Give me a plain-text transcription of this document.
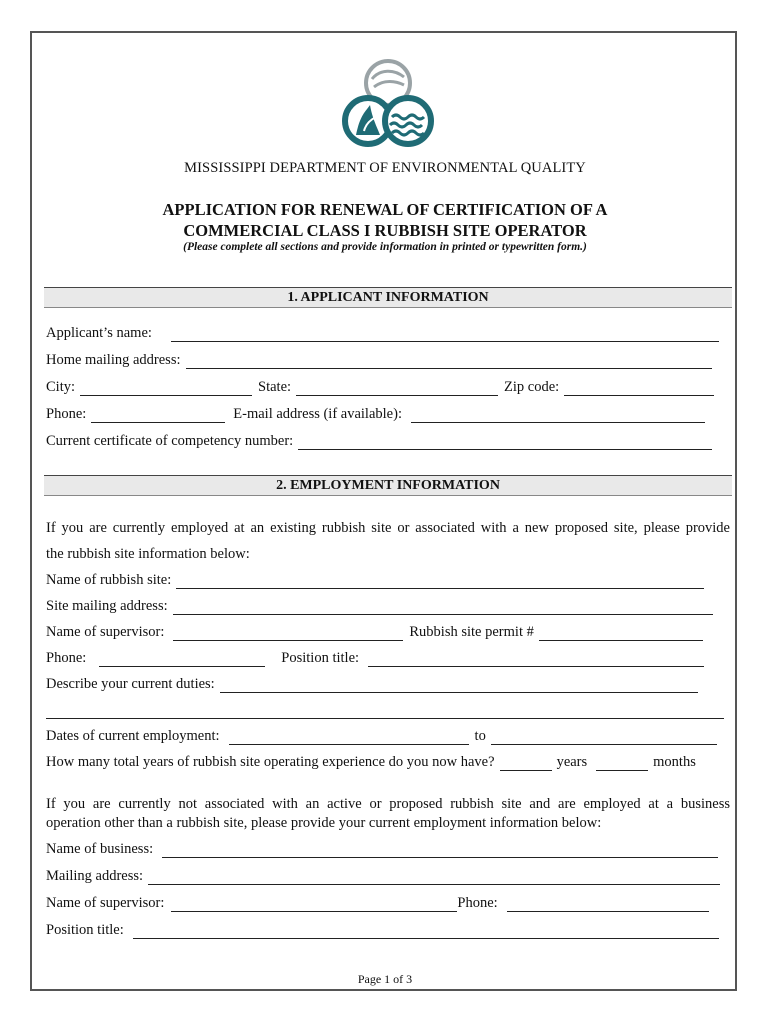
MISSISSIPPI DEPARTMENT OF ENVIRONMENTAL QUALITY
APPLICATION FOR RENEWAL OF CERTIFICATION OF A
COMMERCIAL CLASS I RUBBISH SITE OPERATOR
(Please complete all sections and provide information in printed or typewritten form.)
1. APPLICANT INFORMATION
Applicant’s name:
Home mailing address:
City:	State:	Zip code:
Phone:	E-mail address (if available):
Current certificate of competency number:
2. EMPLOYMENT INFORMATION
If you are currently employed at an existing rubbish site or associated with a new proposed site, please provide
the rubbish site information below:
Name of rubbish site:
Site mailing address:
Name of supervisor:	Rubbish site permit #
Phone:	Position title:
Describe your current duties:
Dates of current employment:	to
How many total years of rubbish site operating experience do you now have?	years	months
If you are currently not associated with an active or proposed rubbish site and are employed at a business
operation other than a rubbish site, please provide your current employment information below:
Name of business:
Mailing address:
Name of supervisor:	Phone:
Position title:
Page 1 of 3
